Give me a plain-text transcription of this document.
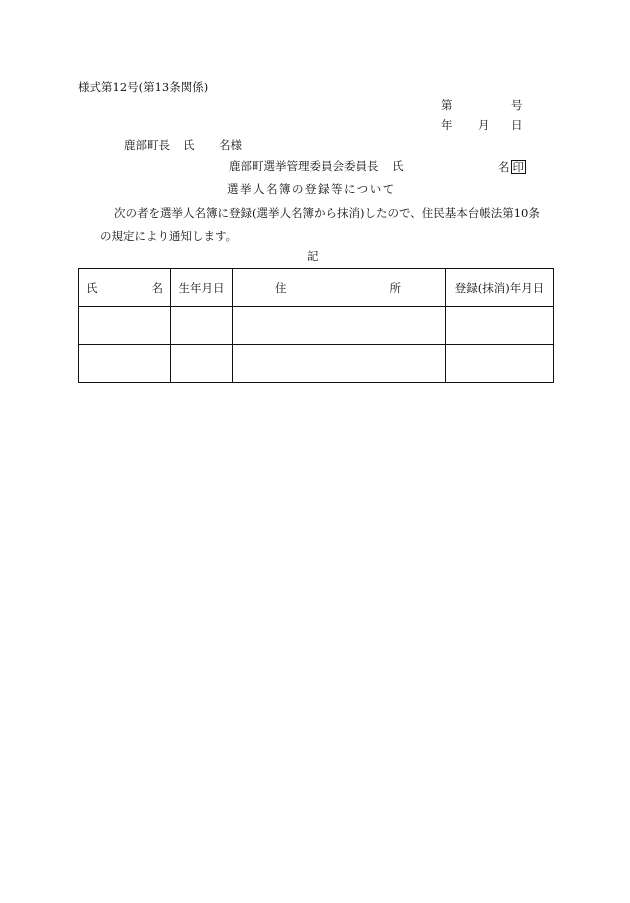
様式第12号(第13条関係)
第	号
年 月 日
鹿部町長 氏 名様
鹿部町選挙管理委員会委員長 氏	名 印
選挙人名簿の登録等について
次の者を選挙人名簿に登録(選挙人名簿から抹消)したので、住民基本台帳法第10条
の規定により通知します。
記
氏 名	生年月日	住 所	登録(抹消)年月日
